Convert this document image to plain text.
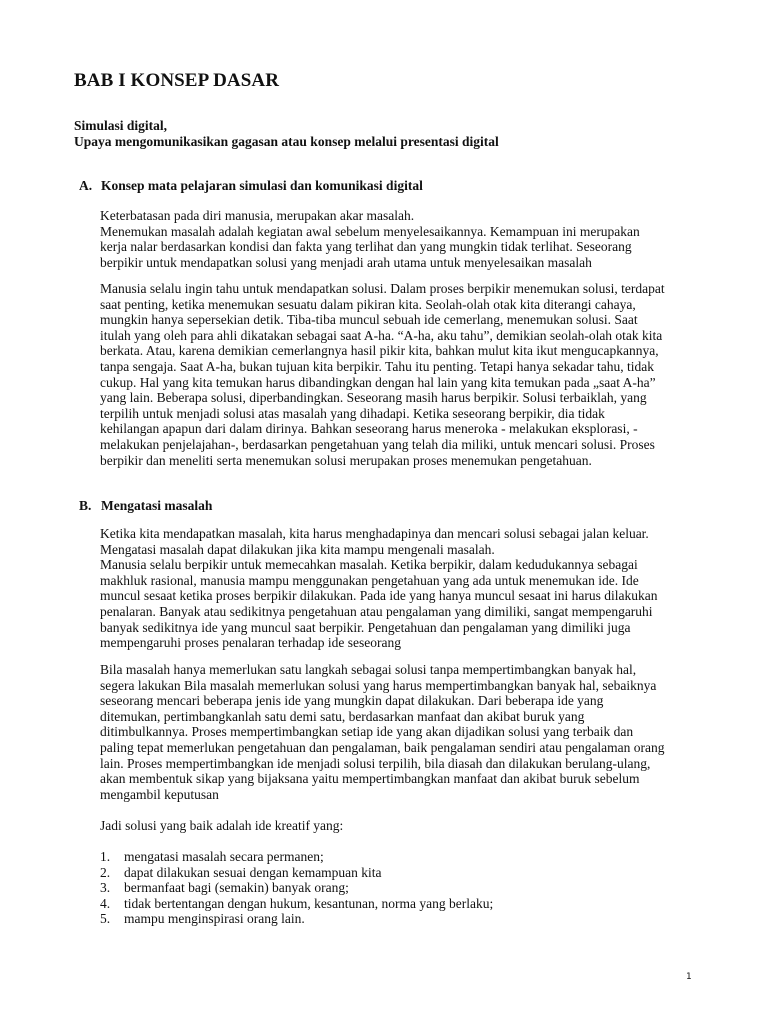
BAB I KONSEP DASAR
Simulasi digital,
Upaya mengomunikasikan gagasan atau konsep melalui presentasi digital
A. Konsep mata pelajaran simulasi dan komunikasi digital
Keterbatasan pada diri manusia, merupakan akar masalah.
Menemukan masalah adalah kegiatan awal sebelum menyelesaikannya. Kemampuan ini merupakan
kerja nalar berdasarkan kondisi dan fakta yang terlihat dan yang mungkin tidak terlihat. Seseorang
berpikir untuk mendapatkan solusi yang menjadi arah utama untuk menyelesaikan masalah
Manusia selalu ingin tahu untuk mendapatkan solusi. Dalam proses berpikir menemukan solusi, terdapat
saat penting, ketika menemukan sesuatu dalam pikiran kita. Seolah-olah otak kita diterangi cahaya,
mungkin hanya sepersekian detik. Tiba-tiba muncul sebuah ide cemerlang, menemukan solusi. Saat
itulah yang oleh para ahli dikatakan sebagai saat A-ha. “A-ha, aku tahu”, demikian seolah-olah otak kita
berkata. Atau, karena demikian cemerlangnya hasil pikir kita, bahkan mulut kita ikut mengucapkannya,
tanpa sengaja. Saat A-ha, bukan tujuan kita berpikir. Tahu itu penting. Tetapi hanya sekadar tahu, tidak
cukup. Hal yang kita temukan harus dibandingkan dengan hal lain yang kita temukan pada „saat A-ha”
yang lain. Beberapa solusi, diperbandingkan. Seseorang masih harus berpikir. Solusi terbaiklah, yang
terpilih untuk menjadi solusi atas masalah yang dihadapi. Ketika seseorang berpikir, dia tidak
kehilangan apapun dari dalam dirinya. Bahkan seseorang harus meneroka - melakukan eksplorasi, -
melakukan penjelajahan-, berdasarkan pengetahuan yang telah dia miliki, untuk mencari solusi. Proses
berpikir dan meneliti serta menemukan solusi merupakan proses menemukan pengetahuan.
B. Mengatasi masalah
Ketika kita mendapatkan masalah, kita harus menghadapinya dan mencari solusi sebagai jalan keluar.
Mengatasi masalah dapat dilakukan jika kita mampu mengenali masalah.
Manusia selalu berpikir untuk memecahkan masalah. Ketika berpikir, dalam kedudukannya sebagai
makhluk rasional, manusia mampu menggunakan pengetahuan yang ada untuk menemukan ide. Ide
muncul sesaat ketika proses berpikir dilakukan. Pada ide yang hanya muncul sesaat ini harus dilakukan
penalaran. Banyak atau sedikitnya pengetahuan atau pengalaman yang dimiliki, sangat mempengaruhi
banyak sedikitnya ide yang muncul saat berpikir. Pengetahuan dan pengalaman yang dimiliki juga
mempengaruhi proses penalaran terhadap ide seseorang
Bila masalah hanya memerlukan satu langkah sebagai solusi tanpa mempertimbangkan banyak hal,
segera lakukan Bila masalah memerlukan solusi yang harus mempertimbangkan banyak hal, sebaiknya
seseorang mencari beberapa jenis ide yang mungkin dapat dilakukan. Dari beberapa ide yang
ditemukan, pertimbangkanlah satu demi satu, berdasarkan manfaat dan akibat buruk yang
ditimbulkannya. Proses mempertimbangkan setiap ide yang akan dijadikan solusi yang terbaik dan
paling tepat memerlukan pengetahuan dan pengalaman, baik pengalaman sendiri atau pengalaman orang
lain. Proses mempertimbangkan ide menjadi solusi terpilih, bila diasah dan dilakukan berulang-ulang,
akan membentuk sikap yang bijaksana yaitu mempertimbangkan manfaat dan akibat buruk sebelum
mengambil keputusan
Jadi solusi yang baik adalah ide kreatif yang:
1. mengatasi masalah secara permanen;
2. dapat dilakukan sesuai dengan kemampuan kita
3. bermanfaat bagi (semakin) banyak orang;
4. tidak bertentangan dengan hukum, kesantunan, norma yang berlaku;
5. mampu menginspirasi orang lain.
1
